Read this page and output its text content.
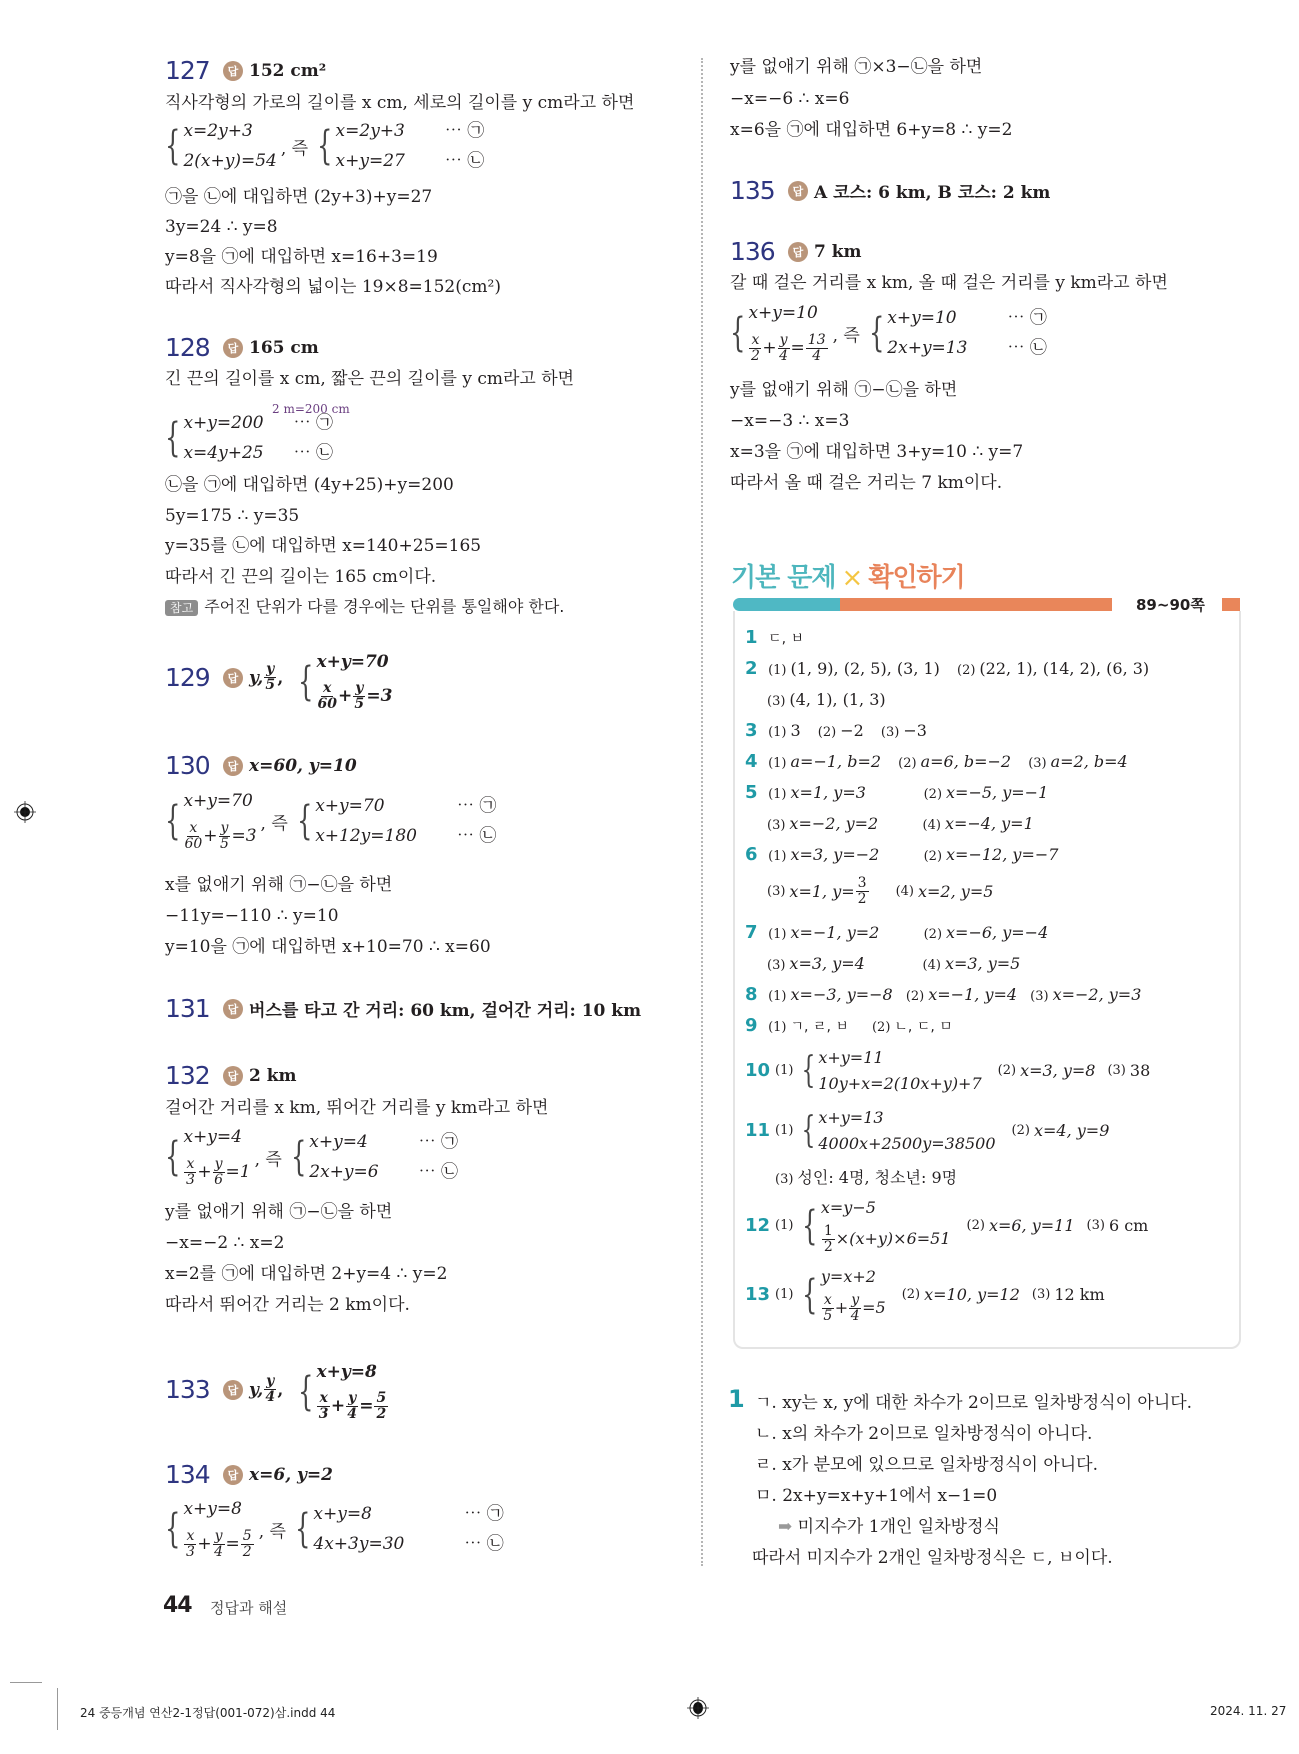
127	답 152 cm²
직사각형의 가로의 길이를 x cm, 세로의 길이를 y cm라고 하면
{ x=2y+3
2(x+y)=54
, 즉 { x=2y+3
x+y=27
⋯ ㉠
⋯ ㉡
㉠을 ㉡에 대입하면 (2y+3)+y=27
3y=24 ∴ y=8
y=8을 ㉠에 대입하면 x=16+3=19
따라서 직사각형의 넓이는 19×8=152(cm²)
128	답 165 cm
긴 끈의 길이를 x cm, 짧은 끈의 길이를 y cm라고 하면
2 m=200 cm
{ x+y=200
x=4y+25
⋯ ㉠
⋯ ㉡
㉡을 ㉠에 대입하면 (4y+25)+y=200
5y=175 ∴ y=35
y=35를 ㉡에 대입하면 x=140+25=165
따라서 긴 끈의 길이는 165 cm이다.
참고 주어진 단위가 다를 경우에는 단위를 통일해야 한다.
129	답 y, $\frac{y}{5}$ , { x+y=70
$\frac{x}{60} + \frac{y}{5} =3$
130	답 x=60, y=10
{ x+y=70
$\frac{x}{60} + \frac{y}{5} =3$
, 즉 { x+y=70
x+12y=180
⋯ ㉠
⋯ ㉡
x를 없애기 위해 ㉠−㉡을 하면
−11y=−110 ∴ y=10
y=10을 ㉠에 대입하면 x+10=70 ∴ x=60
131	답 버스를 타고 간 거리: 60 km, 걸어간 거리: 10 km
132	답 2 km
걸어간 거리를 x km, 뛰어간 거리를 y km라고 하면
{ x+y=4
$\frac{x}{3} + \frac{y}{6} =1$
, 즉 { x+y=4
2x+y=6
⋯ ㉠
⋯ ㉡
y를 없애기 위해 ㉠−㉡을 하면
−x=−2 ∴ x=2
x=2를 ㉠에 대입하면 2+y=4 ∴ y=2
따라서 뛰어간 거리는 2 km이다.
133	답 y, $\frac{y}{4}$ , { x+y=8
$\frac{x}{3} + \frac{y}{4} = \frac{5}{2}$
134	답 x=6, y=2
{ x+y=8
$\frac{x}{3} + \frac{y}{4} = \frac{5}{2}$ , 즉 { x+y=8
4x+3y=30
⋯ ㉠
⋯ ㉡
y를 없애기 위해 ㉠×3−㉡을 하면
−x=−6 ∴ x=6
x=6을 ㉠에 대입하면 6+y=8 ∴ y=2
135	답 A 코스: 6 km, B 코스: 2 km
136	답 7 km
갈 때 걸은 거리를 x km, 올 때 걸은 거리를 y km라고 하면
{ x+y=10
$\frac{x}{2} + \frac{y}{4} = \frac{13}{4}$ , 즉 { x+y=10
2x+y=13
⋯ ㉠
⋯ ㉡
y를 없애기 위해 ㉠−㉡을 하면
−x=−3 ∴ x=3
x=3을 ㉠에 대입하면 3+y=10 ∴ y=7
따라서 올 때 걸은 거리는 7 km이다.
기본 문제 × 확인하기
89~90쪽
1 ㄷ, ㅂ
2 (1) (1, 9), (2, 5), (3, 1) (2) (22, 1), (14, 2), (6, 3)
(3) (4, 1), (1, 3)
3 (1) 3 (2) −2 (3) −3
4 (1) a=−1, b=2 (2) a=6, b=−2 (3) a=2, b=4
5 (1) x=1, y=3	(2) x=−5, y=−1
(3) x=−2, y=2	(4) x=−4, y=1
6 (1) x=3, y=−2	(2) x=−12, y=−7
(3) x=1, $y= \frac{3}{2} (4)$ x=2, y=5
7 (1) x=−1, y=2	(2) x=−6, y=−4
(3) x=3, y=4	(4) x=3, y=5
8 (1) x=−3, y=−8 (2) x=−1, y=4 (3) x=−2, y=3
9 (1) ㄱ, ㄹ, ㅂ (2) ㄴ, ㄷ, ㅁ
10 (1) { x+y=11
10y+x=2(10x+y)+7
(2) x=3, y=8 (3) 38
11 (1) { x+y=13
4000x+2500y=38500
(2) x=4, y=9
(3) 성인: 4명, 청소년: 9명
12 (1) { x=y−5
$\frac{1}{2} \times(x+y)\times 6=51$
(2) x=6, y=11 (3) 6 cm
13 (1) { y=x+2
$\frac{x}{5} + \frac{y}{4} =5$
(2) x=10, y=12 (3) 12 km
1 ㄱ. xy는 x, y에 대한 차수가 2이므로 일차방정식이 아니다.
ㄴ. x의 차수가 2이므로 일차방정식이 아니다.
ㄹ. x가 분모에 있으므로 일차방정식이 아니다.
ㅁ. 2x+y=x+y+1에서 x−1=0
➡ 미지수가 1개인 일차방정식
따라서 미지수가 2개인 일차방정식은 ㄷ, ㅂ이다.
44 정답과 해설
24 중등개념 연산2-1정답(001-072)삼.indd 44	2024. 11. 27
